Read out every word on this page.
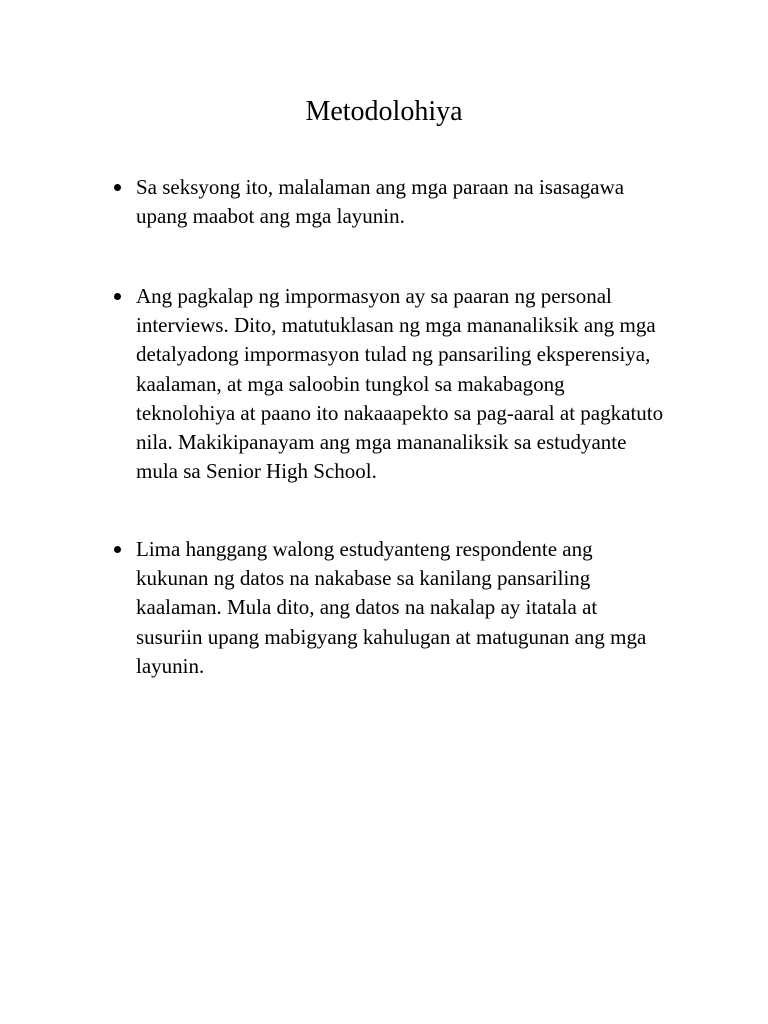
Metodolohiya

Sa seksyong ito, malalaman ang mga paraan na isasagawa upang maabot ang mga layunin.

Ang pagkalap ng impormasyon ay sa paaran ng personal interviews. Dito, matutuklasan ng mga mananaliksik ang mga detalyadong impormasyon tulad ng pansariling eksperensiya, kaalaman, at mga saloobin tungkol sa makabagong teknolohiya at paano ito nakaaapekto sa pag-aaral at pagkatuto nila. Makikipanayam ang mga mananaliksik sa estudyante mula sa Senior High School.

Lima hanggang walong estudyanteng respondente ang kukunan ng datos na nakabase sa kanilang pansariling kaalaman. Mula dito, ang datos na nakalap ay itatala at susuriin upang mabigyang kahulugan at matugunan ang mga layunin.
